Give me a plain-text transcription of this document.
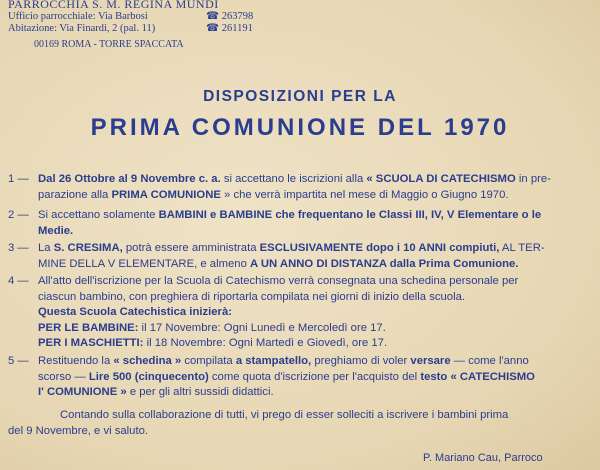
PARROCCHIA S. M. REGINA MUNDI
Ufficio parrocchiale: Via Barbosi	☎ 263798
Abitazione: Via Finardi, 2 (pal. 11)	☎ 261191
00169 ROMA - TORRE SPACCATA
DISPOSIZIONI PER LA
PRIMA COMUNIONE DEL 1970
1 — Dal 26 Ottobre al 9 Novembre c. a. si accettano le iscrizioni alla « SCUOLA DI CATECHISMO in pre-
parazione alla PRIMA COMUNIONE » che verrà impartita nel mese di Maggio o Giugno 1970.
2 — Si accettano solamente BAMBINI e BAMBINE che frequentano le Classi III, IV, V Elementare o le
Medie.
3 — La S. CRESIMA, potrà essere amministrata ESCLUSIVAMENTE dopo i 10 ANNI compiuti, AL TER-
MINE DELLA V ELEMENTARE, e almeno A UN ANNO DI DISTANZA dalla Prima Comunione.
4 — All'atto dell'iscrizione per la Scuola di Catechismo verrà consegnata una schedina personale per
ciascun bambino, con preghiera di riportarla compilata nei giorni di inizio della scuola.
Questa Scuola Catechistica inizierà:
PER LE BAMBINE: il 17 Novembre: Ogni Lunedì e Mercoledì ore 17.
PER I MASCHIETTI: il 18 Novembre: Ogni Martedì e Giovedì, ore 17.
5 — Restituendo la « schedina » compilata a stampatello, preghiamo di voler versare — come l'anno
scorso — Lire 500 (cinquecento) come quota d'iscrizione per l'acquisto del testo « CATECHISMO
I' COMUNIONE » e per gli altri sussidi didattici.
Contando sulla collaborazione di tutti, vi prego di esser solleciti a iscrivere i bambini prima
del 9 Novembre, e vi saluto.
P. Mariano Cau, Parroco
